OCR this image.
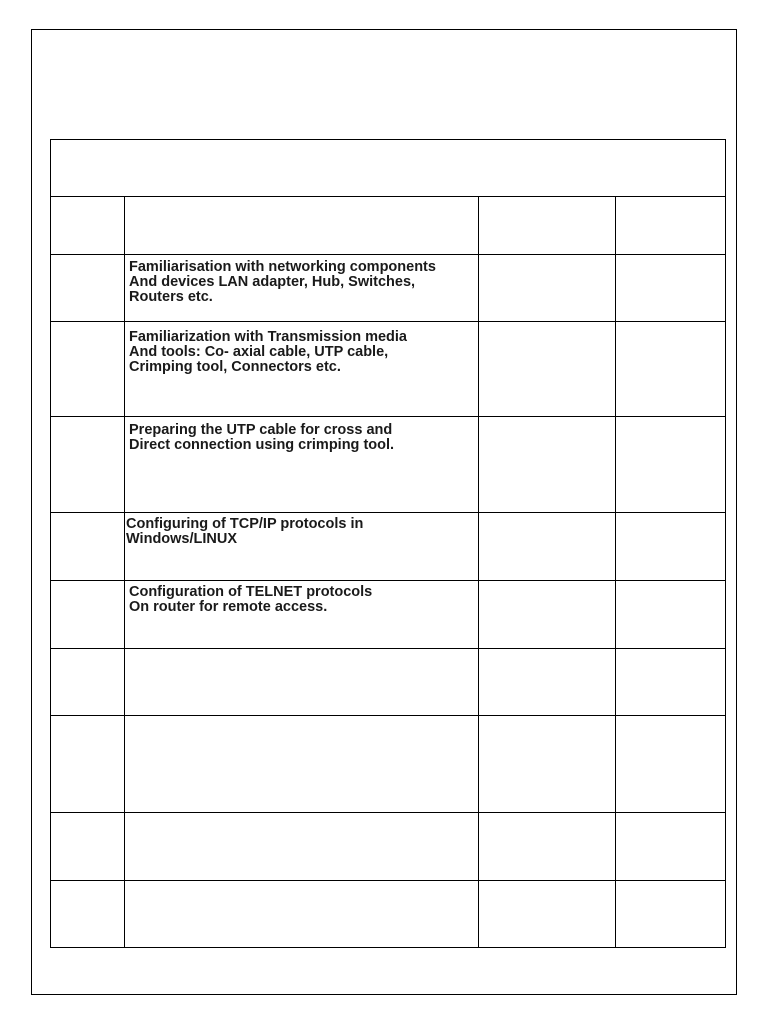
Familiarisation with networking components
And devices LAN adapter, Hub, Switches,
Routers etc.
Familiarization with Transmission media
And tools: Co- axial cable, UTP cable,
Crimping tool, Connectors etc.
Preparing the UTP cable for cross and
Direct connection using crimping tool.
Configuring of TCP/IP protocols in
Windows/LINUX
Configuration of TELNET protocols
On router for remote access.
